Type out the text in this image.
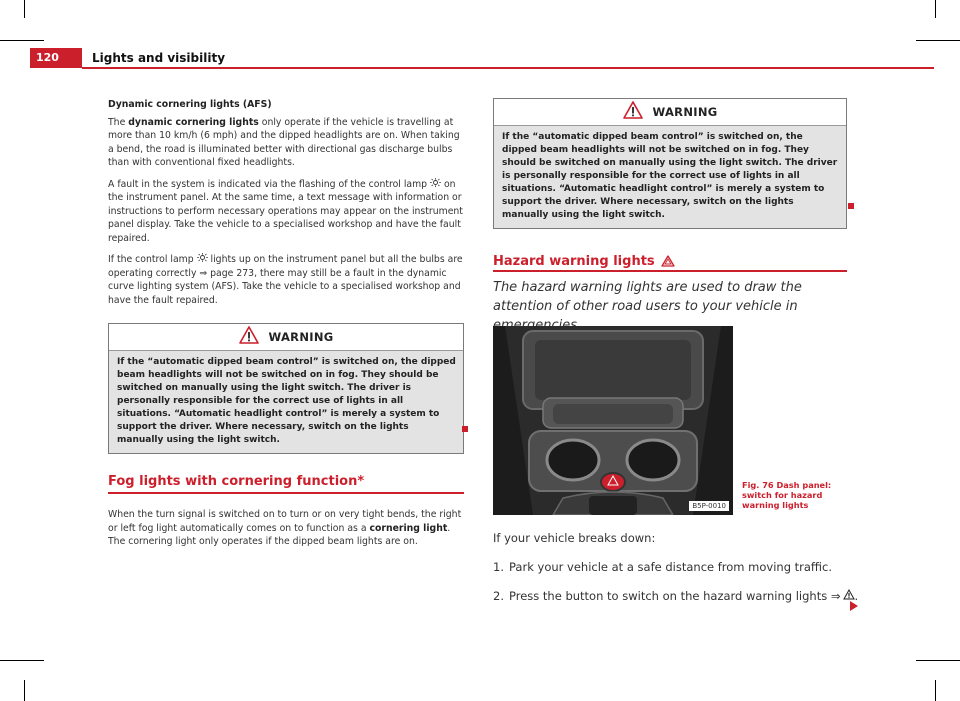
120	Lights and visibility

Dynamic cornering lights (AFS)

The dynamic cornering lights only operate if the vehicle is travelling at more than 10 km/h (6 mph) and the dipped headlights are on. When taking a bend, the road is illuminated better with directional gas discharge bulbs than with conventional fixed headlights.

A fault in the system is indicated via the flashing of the control lamp  on the instrument panel. At the same time, a text message with information or instructions to perform necessary operations may appear on the instrument panel display. Take the vehicle to a specialised workshop and have the fault repaired.

If the control lamp  lights up on the instrument panel but all the bulbs are operating correctly ⇒ page 273, there may still be a fault in the dynamic curve lighting system (AFS). Take the vehicle to a specialised workshop and have the fault repaired.

WARNING
If the “automatic dipped beam control” is switched on, the dipped beam headlights will not be switched on in fog. They should be switched on manually using the light switch. The driver is personally responsible for the correct use of lights in all situations. “Automatic headlight control” is merely a system to support the driver. Where necessary, switch on the lights manually using the light switch.
Fog lights with cornering function*
When the turn signal is switched on to turn or on very tight bends, the right or left fog light automatically comes on to function as a cornering light. The cornering light only operates if the dipped beam lights are on.
WARNING
If the “automatic dipped beam control” is switched on, the dipped beam headlights will not be switched on in fog. They should be switched on manually using the light switch. The driver is personally responsible for the correct use of lights in all situations. “Automatic headlight control” is merely a system to support the driver. Where necessary, switch on the lights manually using the light switch.
Hazard warning lights
The hazard warning lights are used to draw the attention of other road users to your vehicle in
B5P-0010
Fig. 76 Dash panel: switch for hazard warning lights
If your vehicle breaks down:
1. Park your vehicle at a safe distance from moving traffic.
2. Press the button to switch on the hazard warning lights ⇒ .
